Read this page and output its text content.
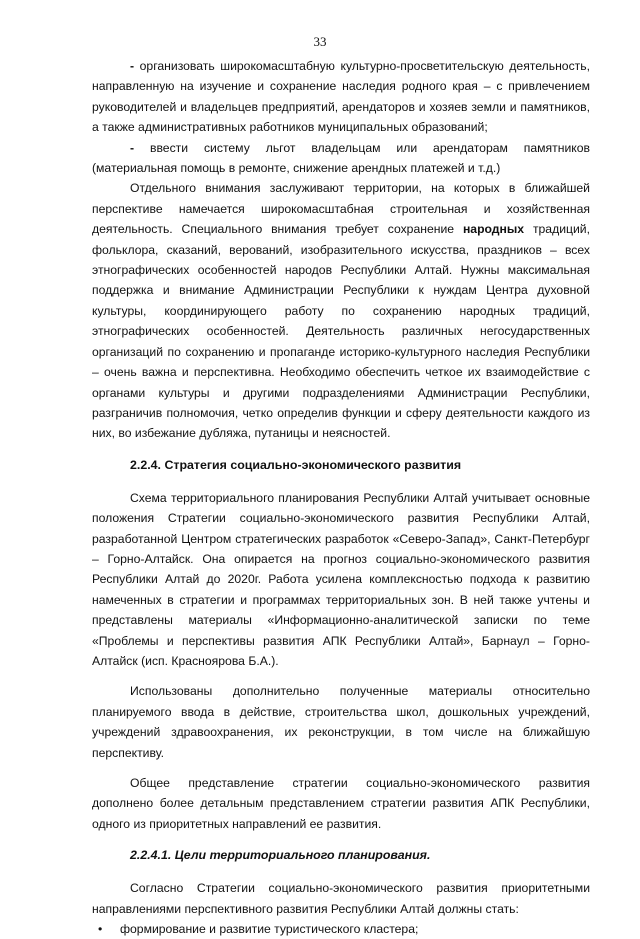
33

- организовать широкомасштабную культурно-просветительскую деятельность, направленную на изучение и сохранение наследия родного края – с привлечением руководителей и владельцев предприятий, арендаторов и хозяев земли и памятников, а также административных работников муниципальных образований;

- ввести систему льгот владельцам или арендаторам памятников (материальная помощь в ремонте, снижение арендных платежей и т.д.)

Отдельного внимания заслуживают территории, на которых в ближайшей перспективе намечается широкомасштабная строительная и хозяйственная деятельность. Специального внимания требует сохранение народных традиций, фольклора, сказаний, верований, изобразительного искусства, праздников – всех этнографических особенностей народов Республики Алтай. Нужны максимальная поддержка и внимание Администрации Республики к нуждам Центра духовной культуры, координирующего работу по сохранению народных традиций, этнографических особенностей. Деятельность различных негосударственных организаций по сохранению и пропаганде историко-культурного наследия Республики – очень важна и перспективна. Необходимо обеспечить четкое их взаимодействие с органами культуры и другими подразделениями Администрации Республики, разграничив полномочия, четко определив функции и сферу деятельности каждого из них, во избежание дубляжа, путаницы и неясностей.

2.2.4. Стратегия социально-экономического развития

Схема территориального планирования Республики Алтай учитывает основные положения Стратегии социально-экономического развития Республики Алтай, разработанной Центром стратегических разработок «Северо-Запад», Санкт-Петербург – Горно-Алтайск. Она опирается на прогноз социально-экономического развития Республики Алтай до 2020г. Работа усилена комплексностью подхода к развитию намеченных в стратегии и программах территориальных зон. В ней также учтены и представлены материалы «Информационно-аналитической записки по теме «Проблемы и перспективы развития АПК Республики Алтай», Барнаул – Горно-Алтайск (исп. Красноярова Б.А.).

Использованы дополнительно полученные материалы относительно планируемого ввода в действие, строительства школ, дошкольных учреждений, учреждений здравоохранения, их реконструкции, в том числе на ближайшую перспективу.

Общее представление стратегии социально-экономического развития дополнено более детальным представлением стратегии развития АПК Республики, одного из приоритетных направлений ее развития.

2.2.4.1. Цели территориального планирования.

Согласно Стратегии социально-экономического развития приоритетными направлениями перспективного развития Республики Алтай должны стать:

•	формирование и развитие туристического кластера;
